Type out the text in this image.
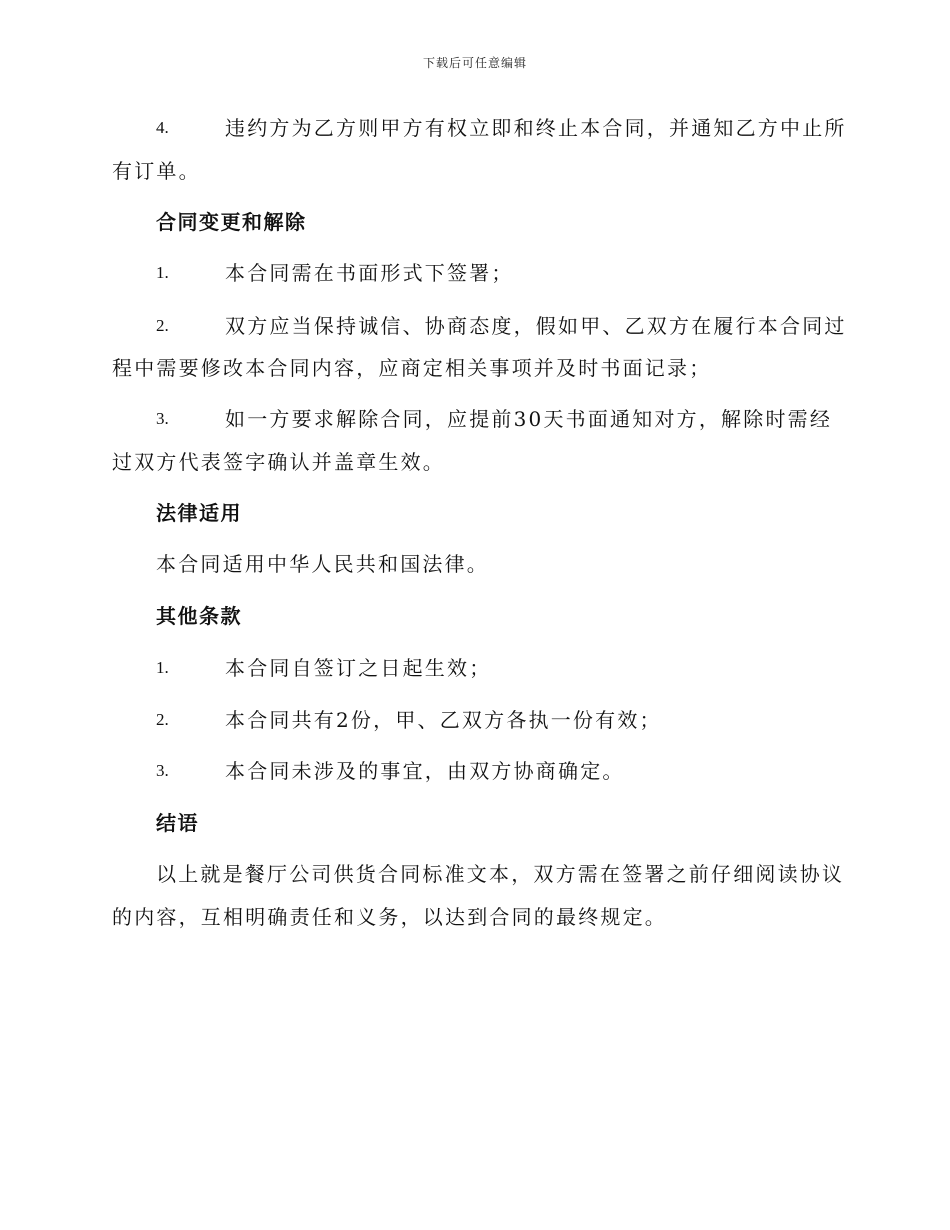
下载后可任意编辑
4.	违约方为乙方则甲方有权立即和终止本合同，并通知乙方中止所
有订单。
合同变更和解除
1.	本合同需在书面形式下签署；
2.	双方应当保持诚信、协商态度，假如甲、乙双方在履行本合同过
程中需要修改本合同内容，应商定相关事项并及时书面记录；
3.	如一方要求解除合同，应提前30天书面通知对方，解除时需经
过双方代表签字确认并盖章生效。
法律适用
本合同适用中华人民共和国法律。
其他条款
1.	本合同自签订之日起生效；
2.	本合同共有2份，甲、乙双方各执一份有效；
3.	本合同未涉及的事宜，由双方协商确定。
结语
以上就是餐厅公司供货合同标准文本，双方需在签署之前仔细阅读协议
的内容，互相明确责任和义务，以达到合同的最终规定。
